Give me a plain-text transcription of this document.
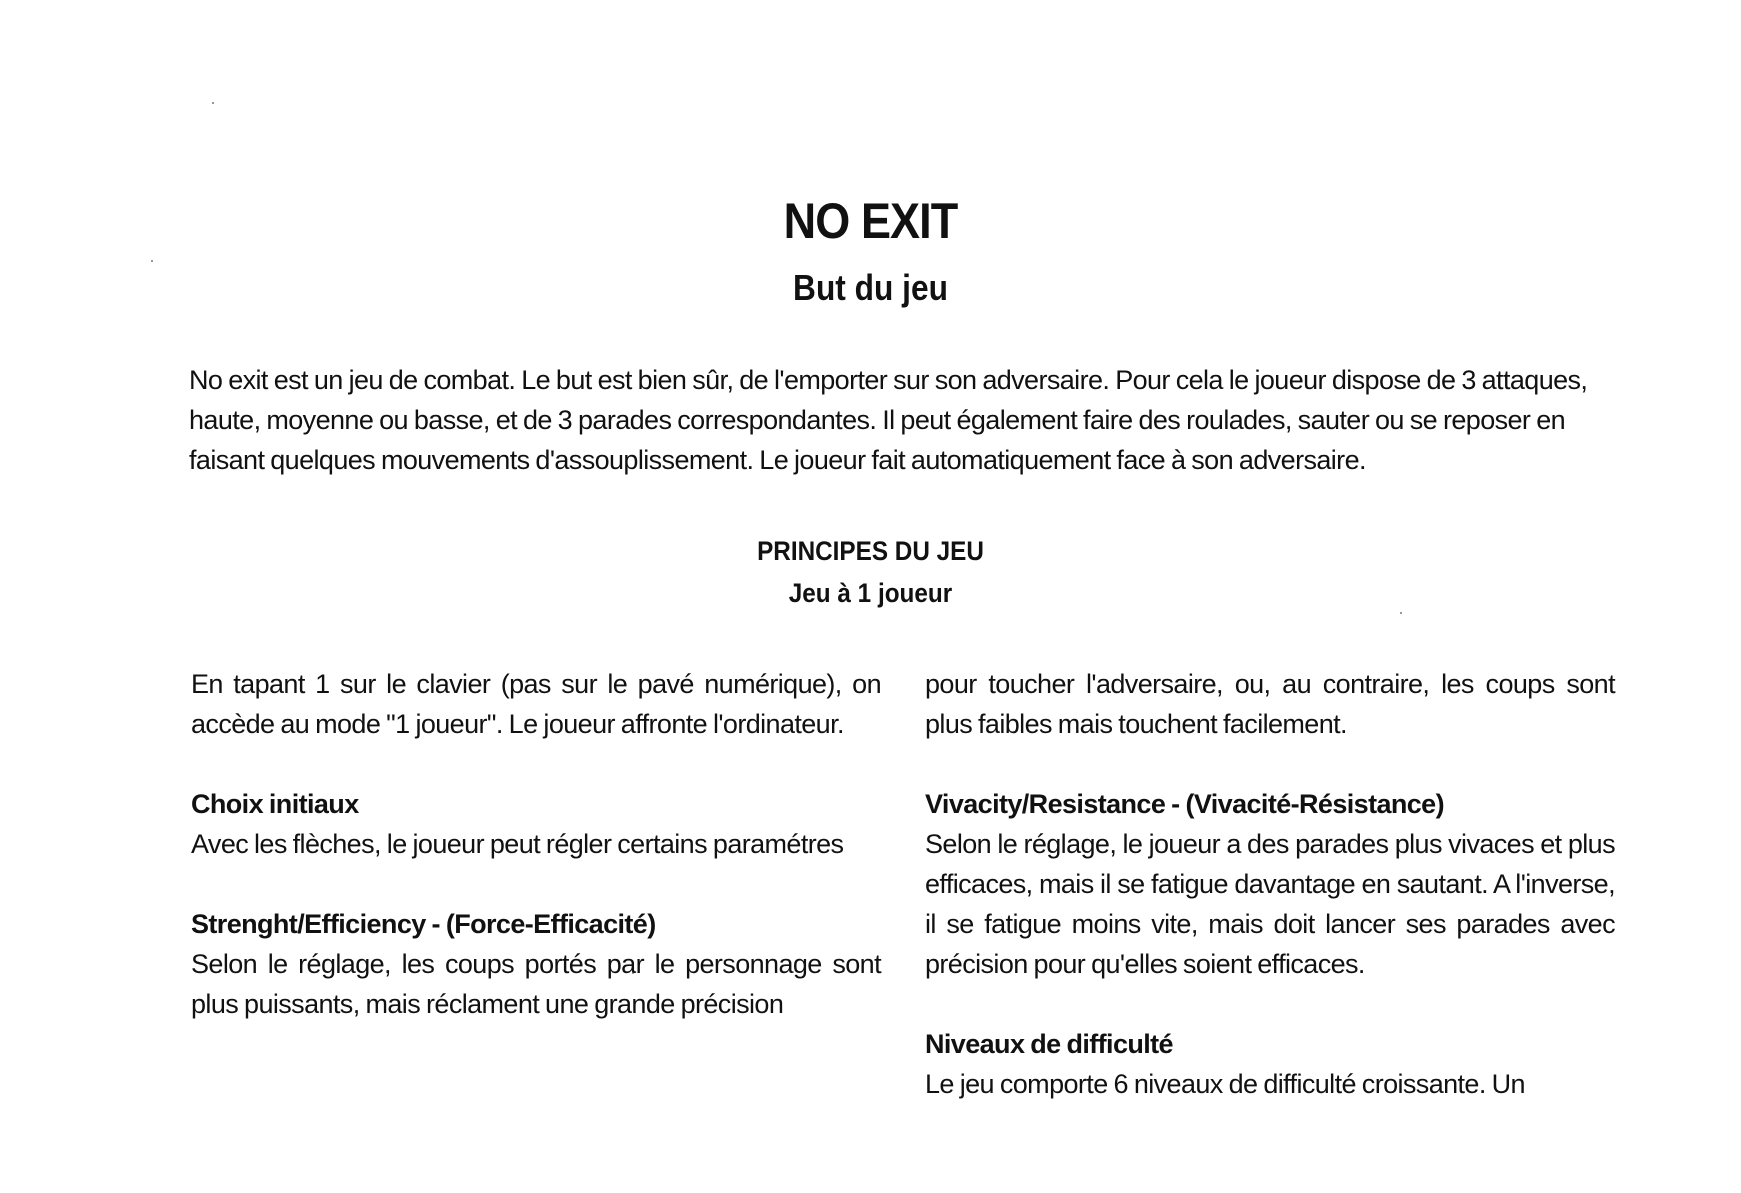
NO EXIT
But du jeu
No exit est un jeu de combat. Le but est bien sûr, de l'emporter sur son adversaire. Pour cela le joueur dispose de 3 attaques, haute, moyenne ou basse, et de 3 parades correspondantes. Il peut également faire des roulades, sauter ou se reposer en faisant quelques mouvements d'assouplissement. Le joueur fait automatiquement face à son adversaire.
PRINCIPES DU JEU
Jeu à 1 joueur

En tapant 1 sur le clavier (pas sur le pavé numérique), on accède au mode "1 joueur". Le joueur affronte l'ordinateur.

Choix initiaux

Avec les flèches, le joueur peut régler certains paramétres

Strenght/Efficiency - (Force-Efficacité)

Selon le réglage, les coups portés par le personnage sont plus puissants, mais réclament une grande précision

pour toucher l'adversaire, ou, au contraire, les coups sont plus faibles mais touchent facilement.

Vivacity/Resistance - (Vivacité-Résistance)

Selon le réglage, le joueur a des parades plus vivaces et plus efficaces, mais il se fatigue davantage en sautant. A l'inverse, il se fatigue moins vite, mais doit lancer ses parades avec précision pour qu'elles soient efficaces.

Niveaux de difficulté

Le jeu comporte 6 niveaux de difficulté croissante. Un
